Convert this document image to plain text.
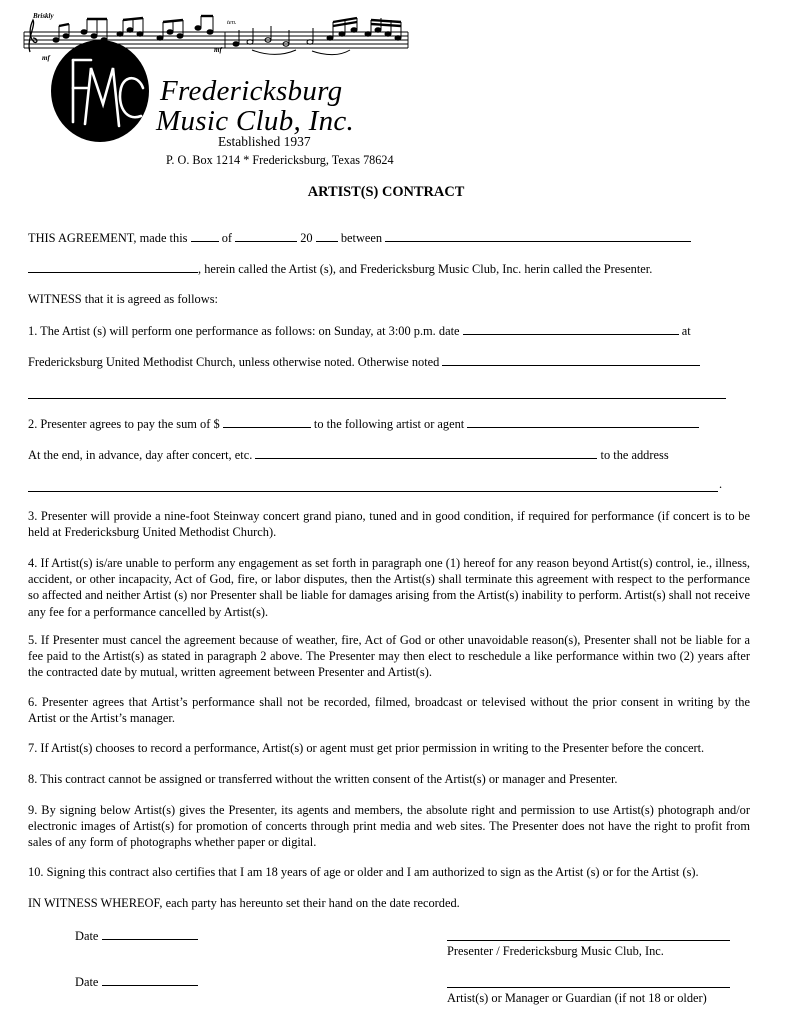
Briskly
mf
ten.
mf
Fredericksburg
Music Club, Inc.
Established 1937
P. O. Box 1214 * Fredericksburg, Texas 78624
ARTIST(S) CONTRACT
THIS AGREEMENT, made this	of	20 between
, herein called the Artist (s), and Fredericksburg Music Club, Inc. herin called the Presenter.
WITNESS that it is agreed as follows:
1. The Artist (s) will perform one performance as follows: on Sunday, at 3:00 p.m. date	at
Fredericksburg United Methodist Church, unless otherwise noted. Otherwise noted
2. Presenter agrees to pay the sum of $	to the following artist or agent
At the end, in advance, day after concert, etc.	to the address
.
3. Presenter will provide a nine-foot Steinway concert grand piano, tuned and in good condition, if required for performance (if concert is to be held at Fredericksburg United Methodist Church).
4. If Artist(s) is/are unable to perform any engagement as set forth in paragraph one (1) hereof for any reason beyond Artist(s) control, ie., illness, accident, or other incapacity, Act of God, fire, or labor disputes, then the Artist(s) shall terminate this agreement with respect to the performance so affected and neither Artist (s) nor Presenter shall be liable for damages arising from the Artist(s) inability to perform. Artist(s) shall not receive any fee for a performance cancelled by Artist(s).
5. If Presenter must cancel the agreement because of weather, fire, Act of God or other unavoidable reason(s), Presenter shall not be liable for a fee paid to the Artist(s) as stated in paragraph 2 above. The Presenter may then elect to reschedule a like performance within two (2) years after the contracted date by mutual, written agreement between Presenter and Artist(s).
6. Presenter agrees that Artist’s performance shall not be recorded, filmed, broadcast or televised without the prior consent in writing by the Artist or the Artist’s manager.
7. If Artist(s) chooses to record a performance, Artist(s) or agent must get prior permission in writing to the Presenter before the concert.
8. This contract cannot be assigned or transferred without the written consent of the Artist(s) or manager and Presenter.
9. By signing below Artist(s) gives the Presenter, its agents and members, the absolute right and permission to use Artist(s) photograph and/or electronic images of Artist(s) for promotion of concerts through print media and web sites. The Presenter does not have the right to profit from sales of any form of photographs whether paper or digital.
10. Signing this contract also certifies that I am 18 years of age or older and I am authorized to sign as the Artist (s) or for the Artist (s).
IN WITNESS WHEREOF, each party has hereunto set their hand on the date recorded.
Date
Presenter / Fredericksburg Music Club, Inc.
Date
Artist(s) or Manager or Guardian (if not 18 or older)
